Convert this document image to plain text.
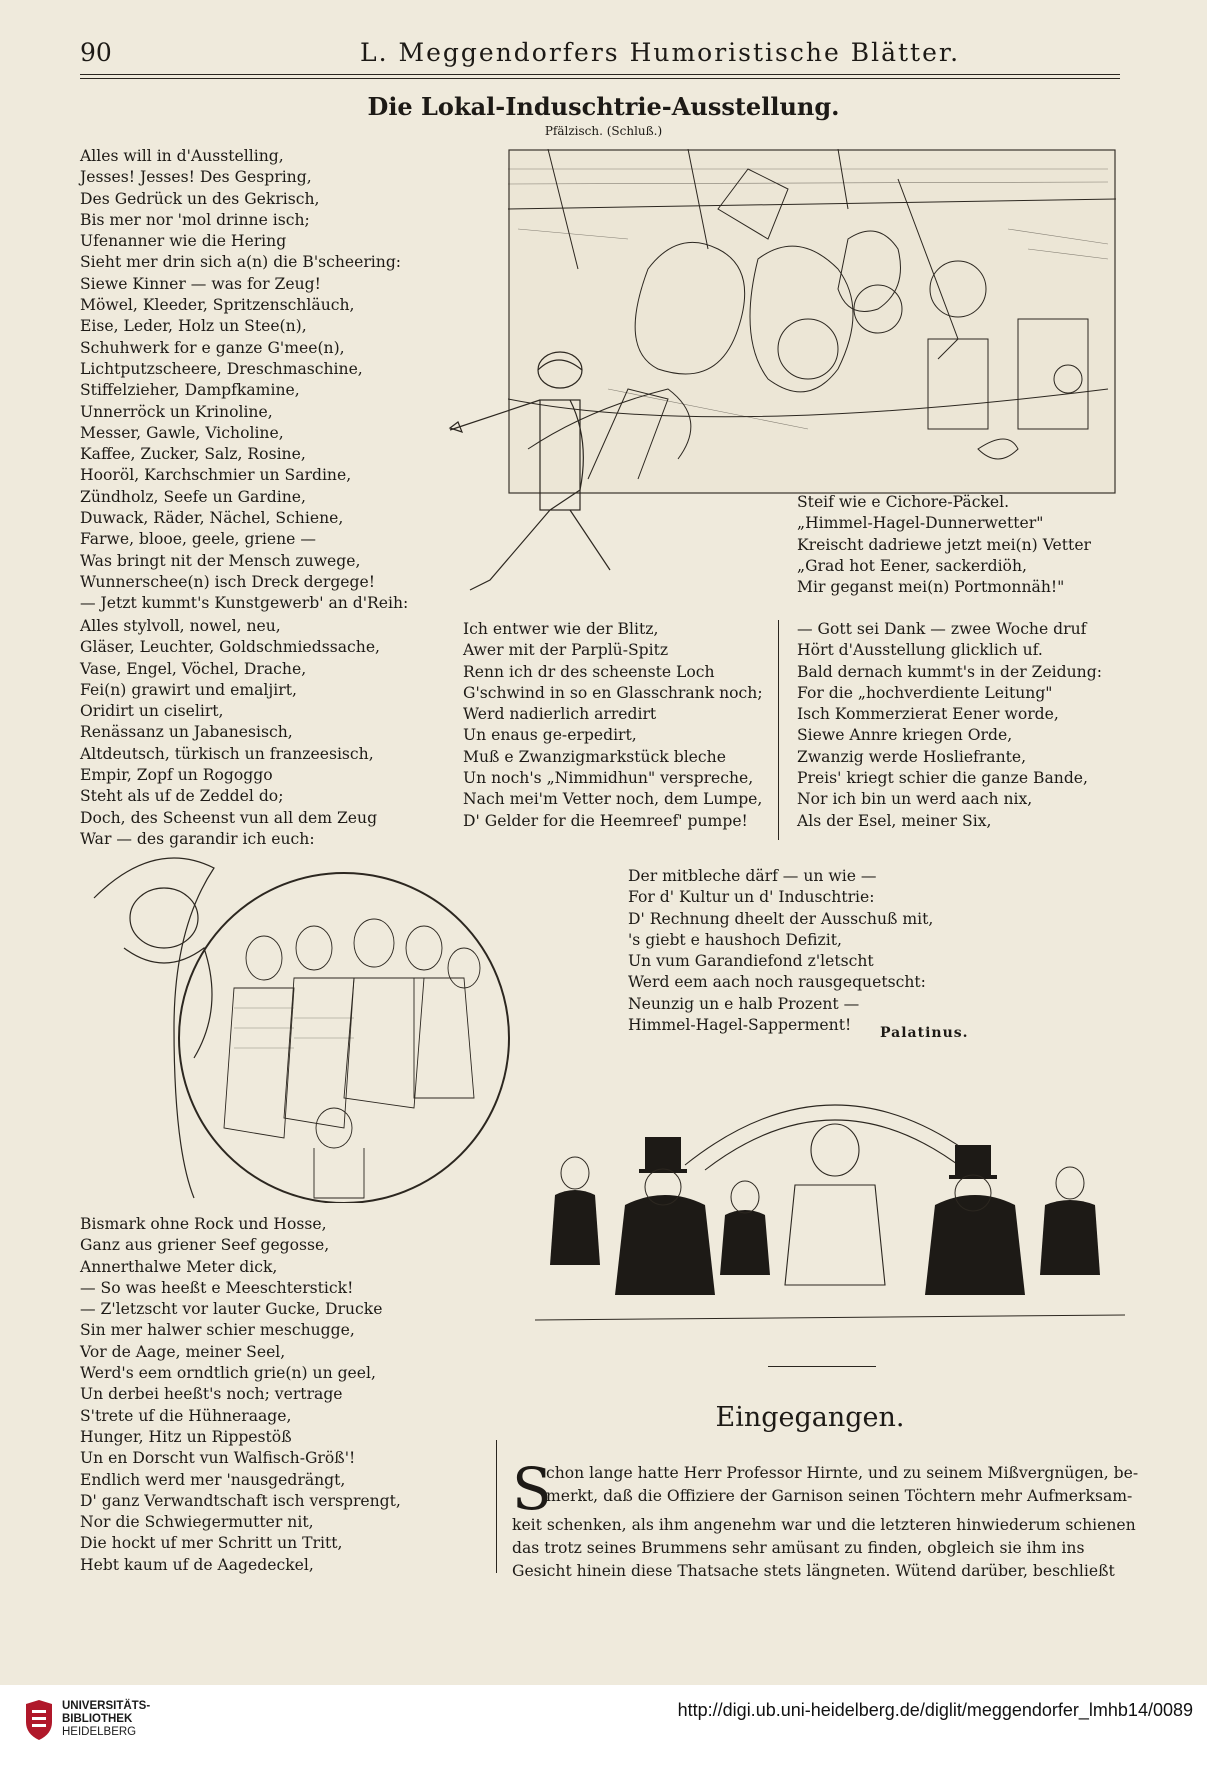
90	L. Meggendorfers Humoristische Blätter.
Die Lokal-Induschtrie-Ausstellung.
Pfälzisch. (Schluß.)
Alles will in d'Ausstelling,
Jesses! Jesses! Des Gespring,
Des Gedrück un des Gekrisch,
Bis mer nor 'mol drinne isch;
Ufenanner wie die Hering
Sieht mer drin sich a(n) die B'scheering:
Siewe Kinner — was for Zeug!
Möwel, Kleeder, Spritzenschläuch,
Eise, Leder, Holz un Stee(n),
Schuhwerk for e ganze G'mee(n),
Lichtputzscheere, Dreschmaschine,
Stiffelzieher, Dampfkamine,
Unnerröck un Krinoline,
Messer, Gawle, Vicholine,
Kaffee, Zucker, Salz, Rosine,
Hooröl, Karchschmier un Sardine,
Zündholz, Seefe un Gardine,
Duwack, Räder, Nächel, Schiene,
Farwe, blooe, geele, griene —
Was bringt nit der Mensch zuwege,
Wunnerschee(n) isch Dreck dergege!
— Jetzt kummt's Kunstgewerb' an d'Reih:
Alles stylvoll, nowel, neu,
Gläser, Leuchter, Goldschmiedssache,
Vase, Engel, Vöchel, Drache,
Fei(n) grawirt und emaljirt,
Oridirt un ciselirt,
Renässanz un Jabanesisch,
Altdeutsch, türkisch un franzeesisch,
Empir, Zopf un Rogoggo
Steht als uf de Zeddel do;
Doch, des Scheenst vun all dem Zeug
War — des garandir ich euch:
Ich entwer wie der Blitz,
Awer mit der Parplü-Spitz
Renn ich dr des scheenste Loch
G'schwind in so en Glasschrank noch;
Werd nadierlich arredirt
Un enaus ge-erpedirt,
Muß e Zwanzigmarkstück bleche
Un noch's „Nimmidhun" verspreche,
Nach mei'm Vetter noch, dem Lumpe,
D' Gelder for die Heemreef' pumpe!
Steif wie e Cichore-Päckel.
„Himmel-Hagel-Dunnerwetter"
Kreischt dadriewe jetzt mei(n) Vetter
„Grad hot Eener, sackerdiöh,
Mir geganst mei(n) Portmonnäh!"
— Gott sei Dank — zwee Woche druf
Hört d'Ausstellung glicklich uf.
Bald dernach kummt's in der Zeidung:
For die „hochverdiente Leitung"
Isch Kommerzierat Eener worde,
Siewe Annre kriegen Orde,
Zwanzig werde Hosliefrante,
Preis' kriegt schier die ganze Bande,
Nor ich bin un werd aach nix,
Als der Esel, meiner Six,
Der mitbleche därf — un wie —
For d' Kultur un d' Induschtrie:
D' Rechnung dheelt der Ausschuß mit,
's giebt e haushoch Defizit,
Un vum Garandiefond z'letscht
Werd eem aach noch rausgequetscht:
Neunzig un e halb Prozent —
Himmel-Hagel-Sapperment!	Palatinus.
Bismark ohne Rock und Hosse,
Ganz aus griener Seef gegosse,
Annerthalwe Meter dick,
— So was heeßt e Meeschterstick!
— Z'letzscht vor lauter Gucke, Drucke
Sin mer halwer schier meschugge,
Vor de Aage, meiner Seel,
Werd's eem orndtlich grie(n) un geel,
Un derbei heeßt's noch; vertrage
S'trete uf die Hühneraage,
Hunger, Hitz un Rippestöß
Un en Dorscht vun Walfisch-Größ'!
Endlich werd mer 'nausgedrängt,
D' ganz Verwandtschaft isch versprengt,
Nor die Schwiegermutter nit,
Die hockt uf mer Schritt un Tritt,
Hebt kaum uf de Aagedeckel,
Eingegangen.
S
chon lange hatte Herr Professor Hirnte, und zu seinem Mißvergnügen, be-
merkt, daß die Offiziere der Garnison seinen Töchtern mehr Aufmerksam-
keit schenken, als ihm angenehm war und die letzteren hinwiederum schienen
das trotz seines Brummens sehr amüsant zu finden, obgleich sie ihm ins
Gesicht hinein diese Thatsache stets längneten. Wütend darüber, beschließt
UNIVERSITÄTS-
BIBLIOTHEK
HEIDELBERG
http://digi.ub.uni-heidelberg.de/diglit/meggendorfer_lmhb14/0089
